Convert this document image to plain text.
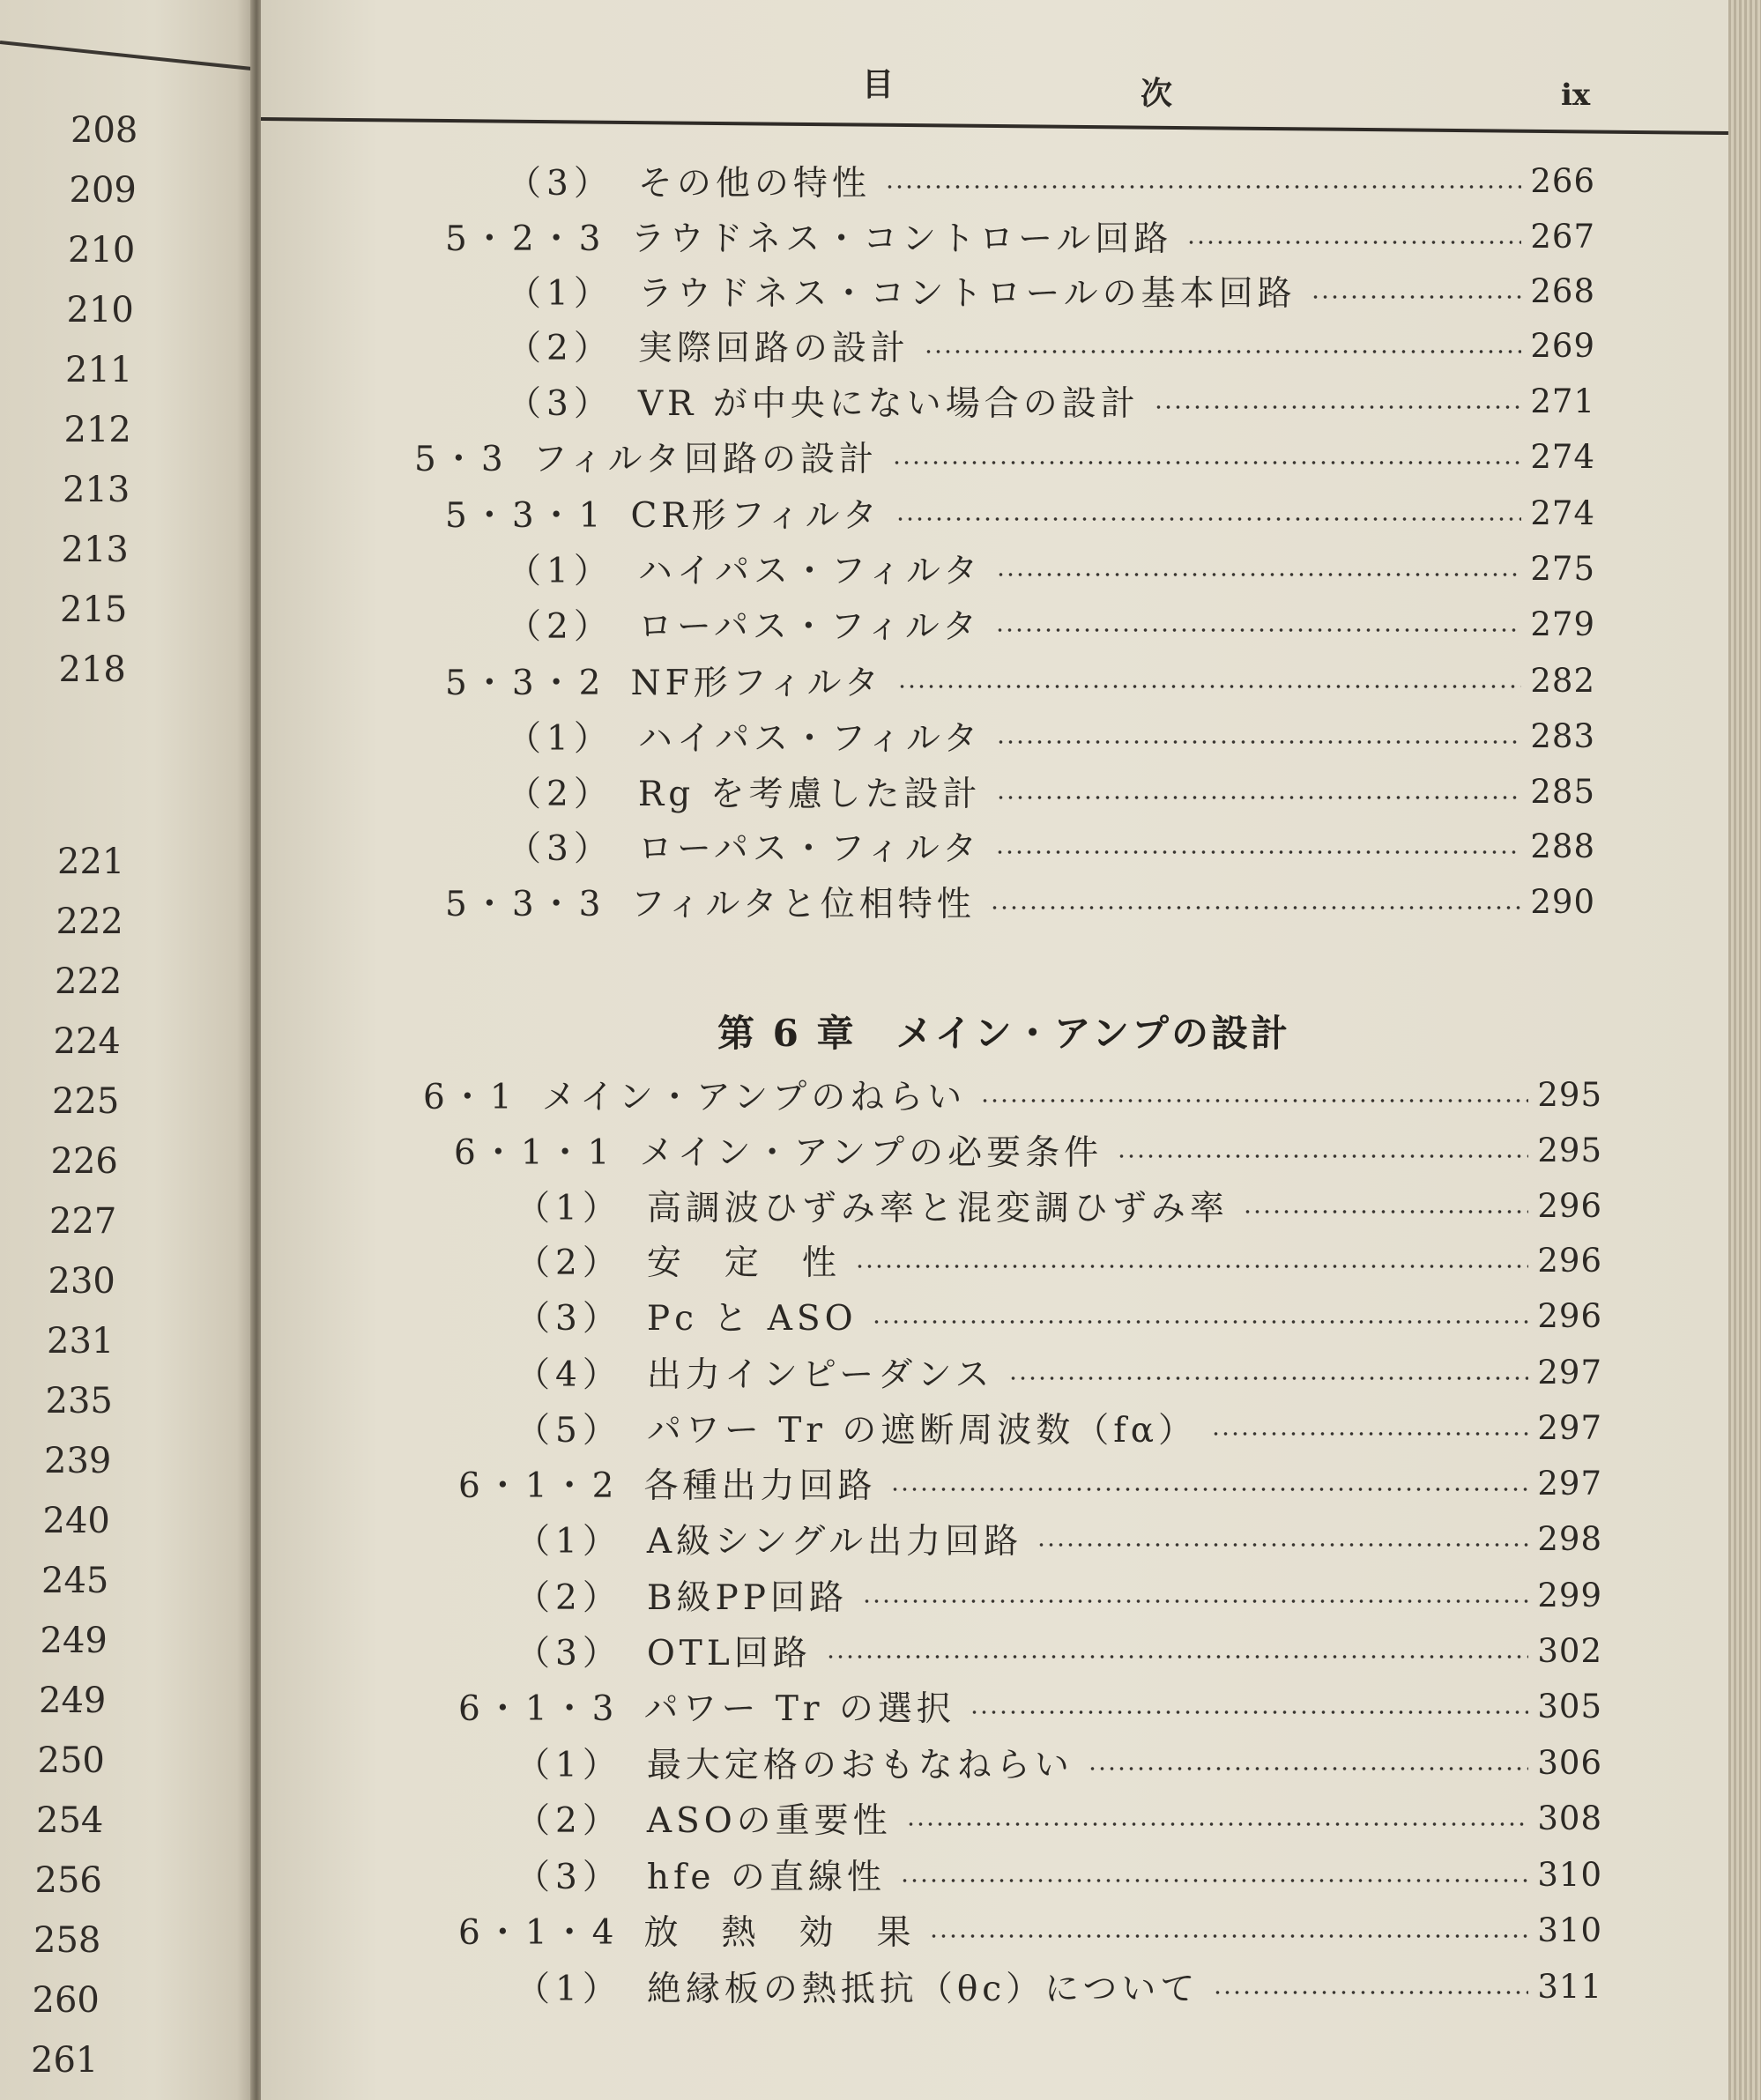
208
209
210
210
211
212
213
213
215
218
221
222
222
224
225
226
227
230
231
235
239
240
245
249
249
250
254
256
258
260
261
目	次	ix
第 6 章　メイン・アンプの設計
（3） その他の特性	266
5・2・3 ラウドネス・コントロール回路	267
（1） ラウドネス・コントロールの基本回路	268
（2） 実際回路の設計	269
（3） VR が中央にない場合の設計	271
5・3 フィルタ回路の設計	274
5・3・1 CR形フィルタ	274
（1） ハイパス・フィルタ	275
（2） ローパス・フィルタ	279
5・3・2 NF形フィルタ	282
（1） ハイパス・フィルタ	283
（2） Rg を考慮した設計	285
（3） ローパス・フィルタ	288
5・3・3 フィルタと位相特性	290
6・1 メイン・アンプのねらい	295
6・1・1 メイン・アンプの必要条件	295
（1） 高調波ひずみ率と混変調ひずみ率	296
（2） 安　定　性	296
（3） Pc と ASO	296
（4） 出力インピーダンス	297
（5） パワー Tr の遮断周波数（fα）	297
6・1・2 各種出力回路	297
（1） A級シングル出力回路	298
（2） B級PP回路	299
（3） OTL回路	302
6・1・3 パワー Tr の選択	305
（1） 最大定格のおもなねらい	306
（2） ASOの重要性	308
（3） hfe の直線性	310
6・1・4 放　熱　効　果	310
（1） 絶縁板の熱抵抗（θc）について	311
